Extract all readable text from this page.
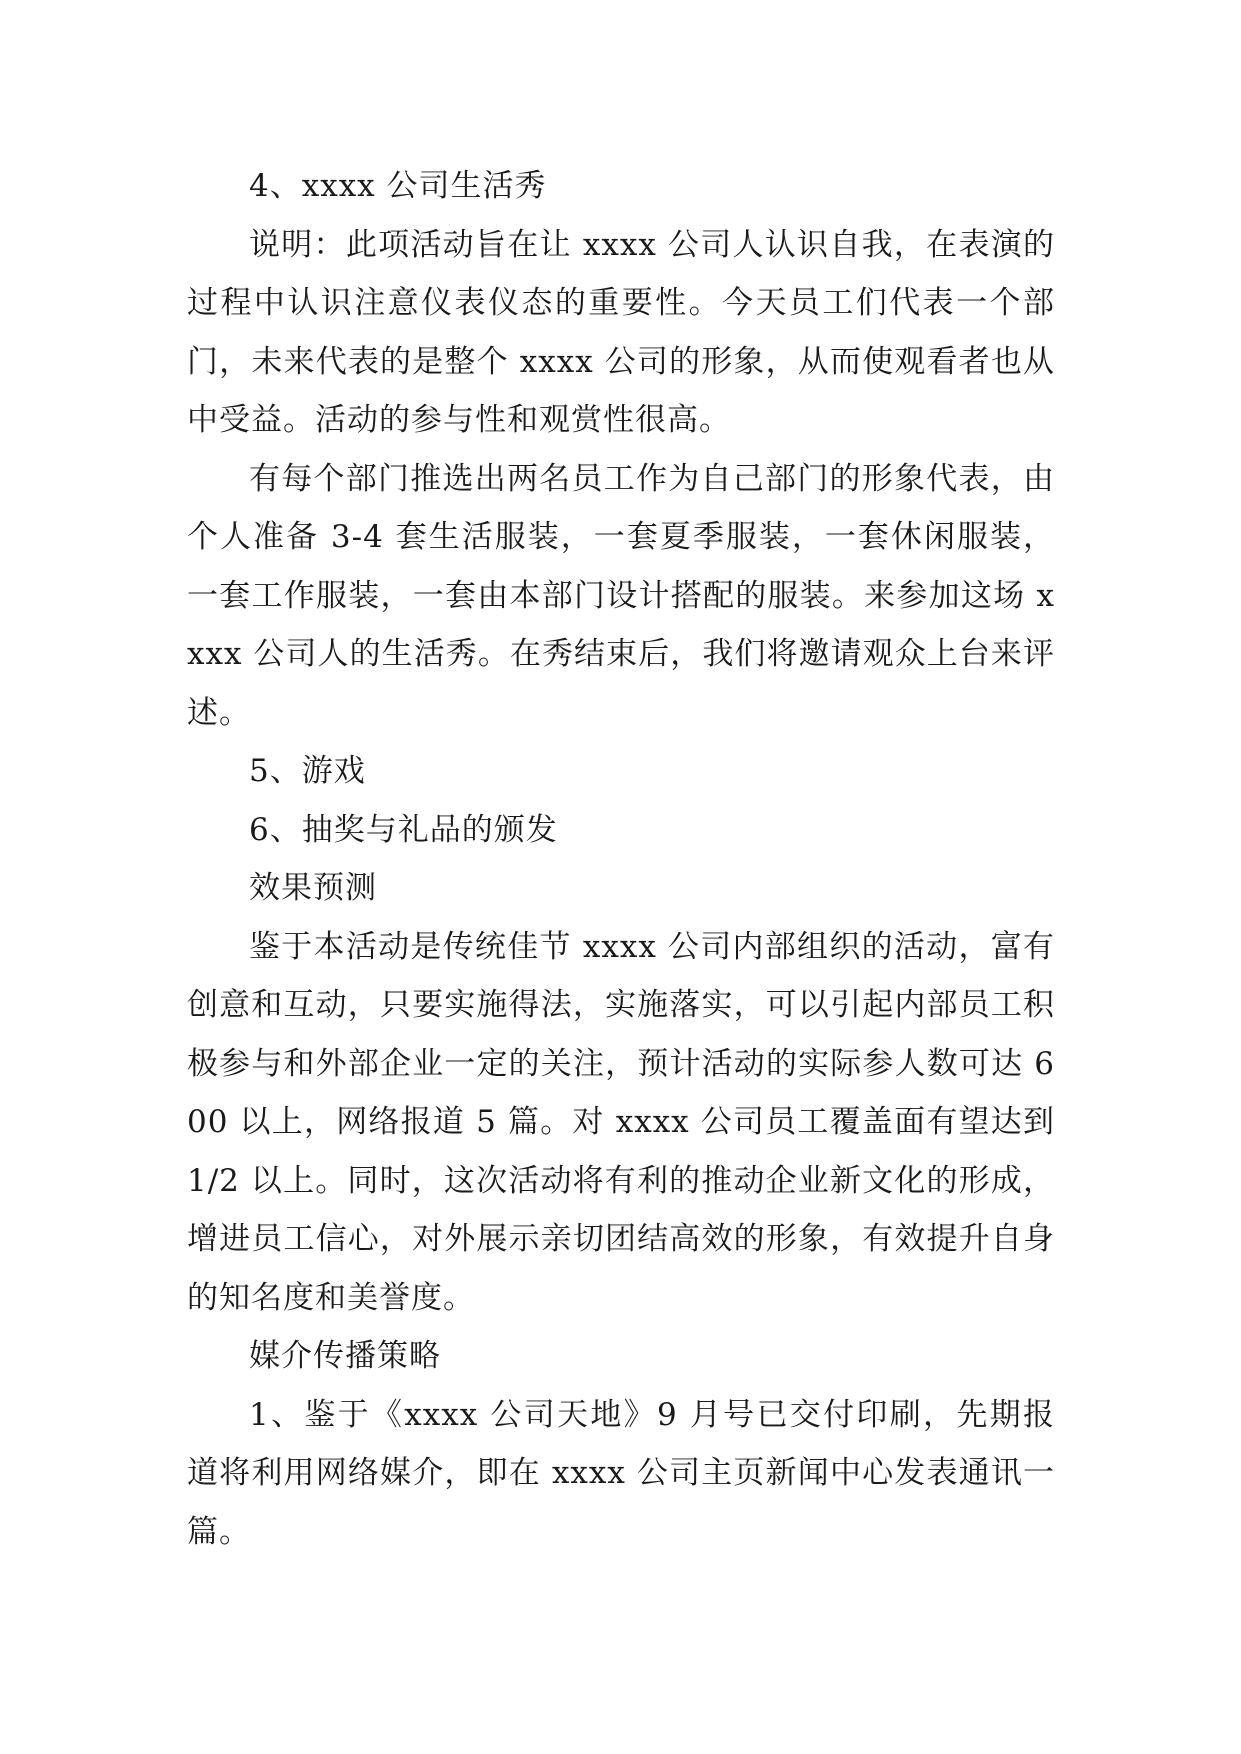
4、xxxx 公司生活秀

说明：此项活动旨在让 xxxx 公司人认识自我，在表演的过程中认识注意仪表仪态的重要性。今天员工们代表一个部门，未来代表的是整个 xxxx 公司的形象，从而使观看者也从中受益。活动的参与性和观赏性很高。

有每个部门推选出两名员工作为自己部门的形象代表，由个人准备 3-4 套生活服装，一套夏季服装，一套休闲服装，一套工作服装，一套由本部门设计搭配的服装。来参加这场 xxxx 公司人的生活秀。在秀结束后，我们将邀请观众上台来评述。

5、游戏

6、抽奖与礼品的颁发

效果预测

鉴于本活动是传统佳节 xxxx 公司内部组织的活动，富有创意和互动，只要实施得法，实施落实，可以引起内部员工积极参与和外部企业一定的关注，预计活动的实际参人数可达 600 以上，网络报道 5 篇。对 xxxx 公司员工覆盖面有望达到 1/2 以上。同时，这次活动将有利的推动企业新文化的形成，增进员工信心，对外展示亲切团结高效的形象，有效提升自身的知名度和美誉度。

媒介传播策略

1、鉴于《xxxx 公司天地》9 月号已交付印刷，先期报道将利用网络媒介，即在 xxxx 公司主页新闻中心发表通讯一篇。
